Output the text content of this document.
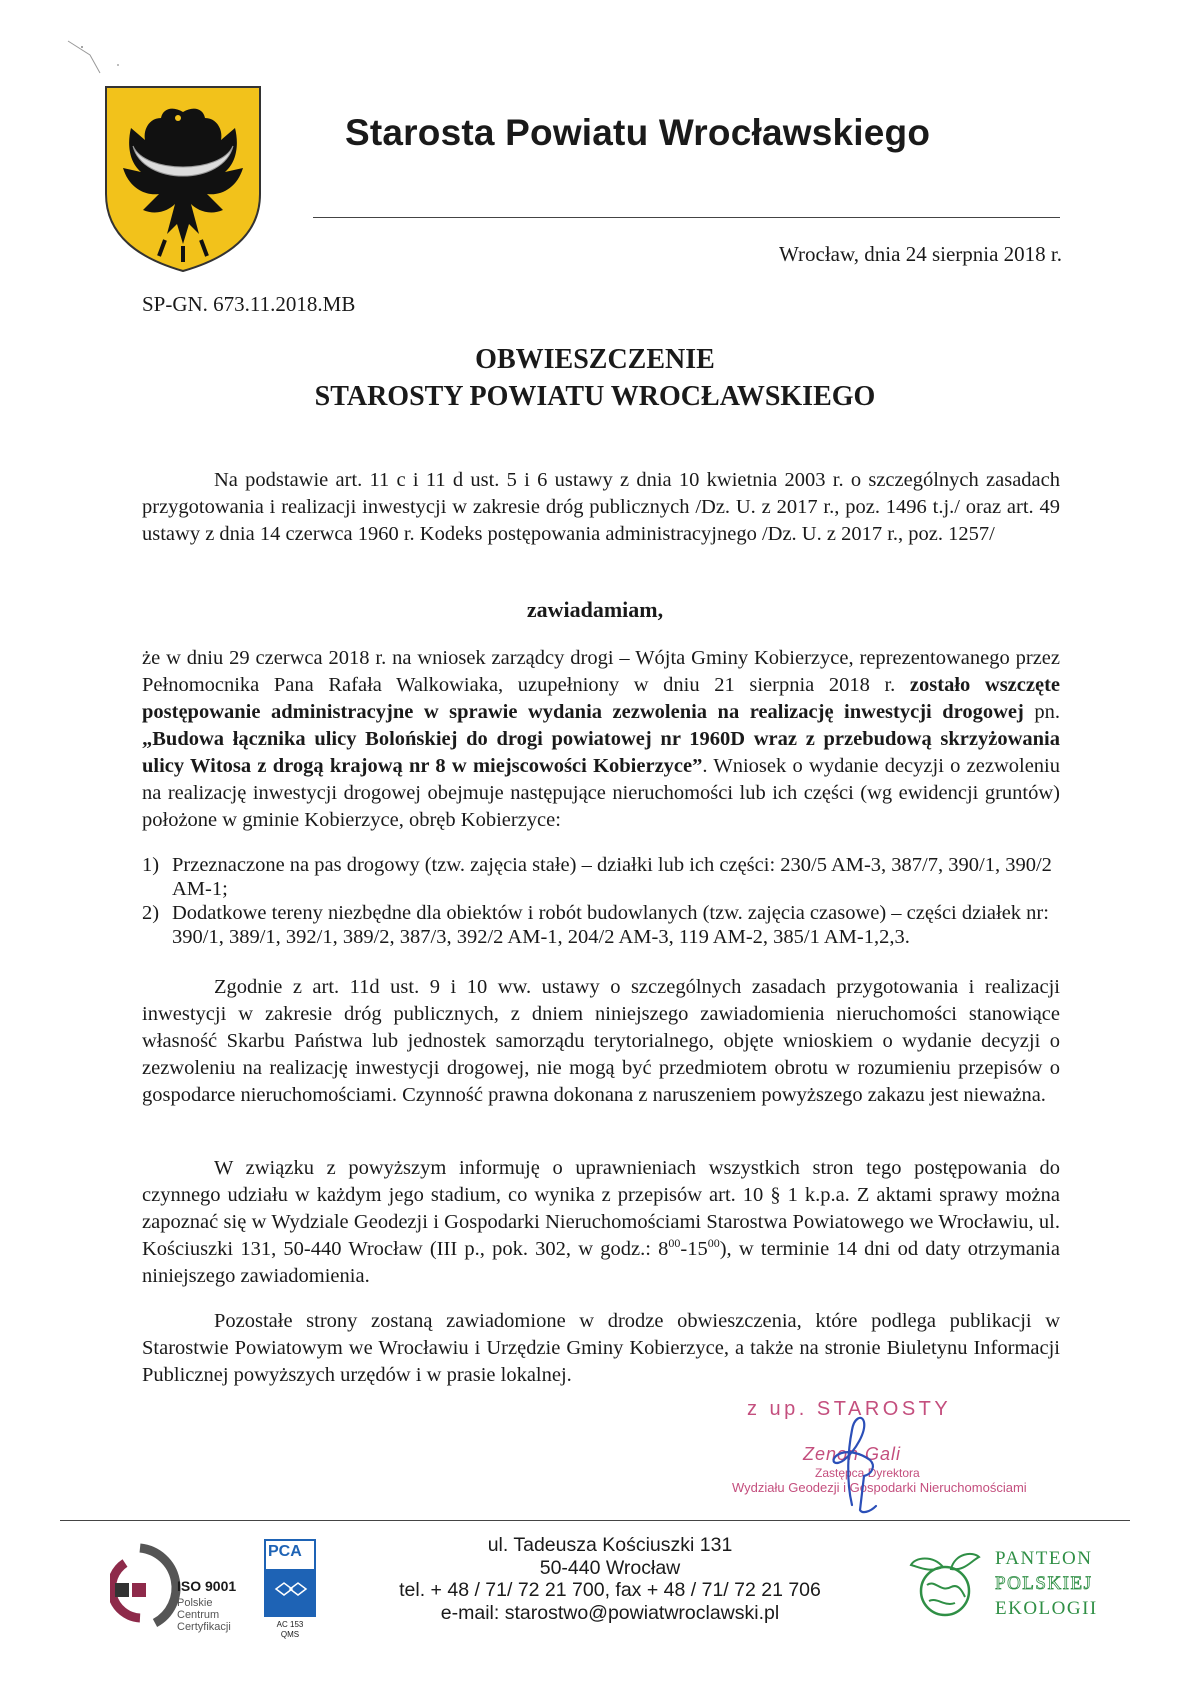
Starosta Powiatu Wrocławskiego
Wrocław, dnia 24 sierpnia 2018 r.
SP-GN. 673.11.2018.MB
OBWIESZCZENIE
STAROSTY POWIATU WROCŁAWSKIEGO
Na podstawie art. 11 c i 11 d ust. 5 i 6 ustawy z dnia 10 kwietnia 2003 r. o szczególnych zasadach przygotowania i realizacji inwestycji w zakresie dróg publicznych /Dz. U. z 2017 r., poz. 1496 t.j./ oraz art. 49 ustawy z dnia 14 czerwca 1960 r. Kodeks postępowania administracyjnego /Dz. U. z 2017 r., poz. 1257/
zawiadamiam,
że w dniu 29 czerwca 2018 r. na wniosek zarządcy drogi – Wójta Gminy Kobierzyce, reprezentowanego przez Pełnomocnika Pana Rafała Walkowiaka, uzupełniony w dniu 21 sierpnia 2018 r. zostało wszczęte postępowanie administracyjne w sprawie wydania zezwolenia na realizację inwestycji drogowej pn. „Budowa łącznika ulicy Bolońskiej do drogi powiatowej nr 1960D wraz z przebudową skrzyżowania ulicy Witosa z drogą krajową nr 8 w miejscowości Kobierzyce”. Wniosek o wydanie decyzji o zezwoleniu na realizację inwestycji drogowej obejmuje następujące nieruchomości lub ich części (wg ewidencji gruntów) położone w gminie Kobierzyce, obręb Kobierzyce:
1) Przeznaczone na pas drogowy (tzw. zajęcia stałe) – działki lub ich części: 230/5 AM-3, 387/7, 390/1, 390/2 AM-1;
2) Dodatkowe tereny niezbędne dla obiektów i robót budowlanych (tzw. zajęcia czasowe) – części działek nr: 390/1, 389/1, 392/1, 389/2, 387/3, 392/2 AM-1, 204/2 AM-3, 119 AM-2, 385/1 AM-1,2,3.
Zgodnie z art. 11d ust. 9 i 10 ww. ustawy o szczególnych zasadach przygotowania i realizacji inwestycji w zakresie dróg publicznych, z dniem niniejszego zawiadomienia nieruchomości stanowiące własność Skarbu Państwa lub jednostek samorządu terytorialnego, objęte wnioskiem o wydanie decyzji o zezwoleniu na realizację inwestycji drogowej, nie mogą być przedmiotem obrotu w rozumieniu przepisów o gospodarce nieruchomościami. Czynność prawna dokonana z naruszeniem powyższego zakazu jest nieważna.
W związku z powyższym informuję o uprawnieniach wszystkich stron tego postępowania do czynnego udziału w każdym jego stadium, co wynika z przepisów art. 10 § 1 k.p.a. Z aktami sprawy można zapoznać się w Wydziale Geodezji i Gospodarki Nieruchomościami Starostwa Powiatowego we Wrocławiu, ul. Kościuszki 131, 50-440 Wrocław (III p., pok. 302, w godz.: $8^{00}-15^{00}$), w terminie 14 dni od daty otrzymania niniejszego zawiadomienia.
Pozostałe strony zostaną zawiadomione w drodze obwieszczenia, które podlega publikacji w Starostwie Powiatowym we Wrocławiu i Urzędzie Gminy Kobierzyce, a także na stronie Biuletynu Informacji Publicznej powyższych urzędów i w prasie lokalnej.
z up. STAROSTY
Zenon Gali
Zastępca Dyrektora
Wydziału Geodezji i Gospodarki Nieruchomościami
ISO 9001
Polskie
Centrum
Certyfikacji
PCA
AC 153
QMS
ul. Tadeusza Kościuszki 131
50-440 Wrocław
tel. + 48 / 71/ 72 21 700, fax + 48 / 71/ 72 21 706
e-mail: starostwo@powiatwroclawski.pl
PANTEON
POLSKIEJ
EKOLOGII
